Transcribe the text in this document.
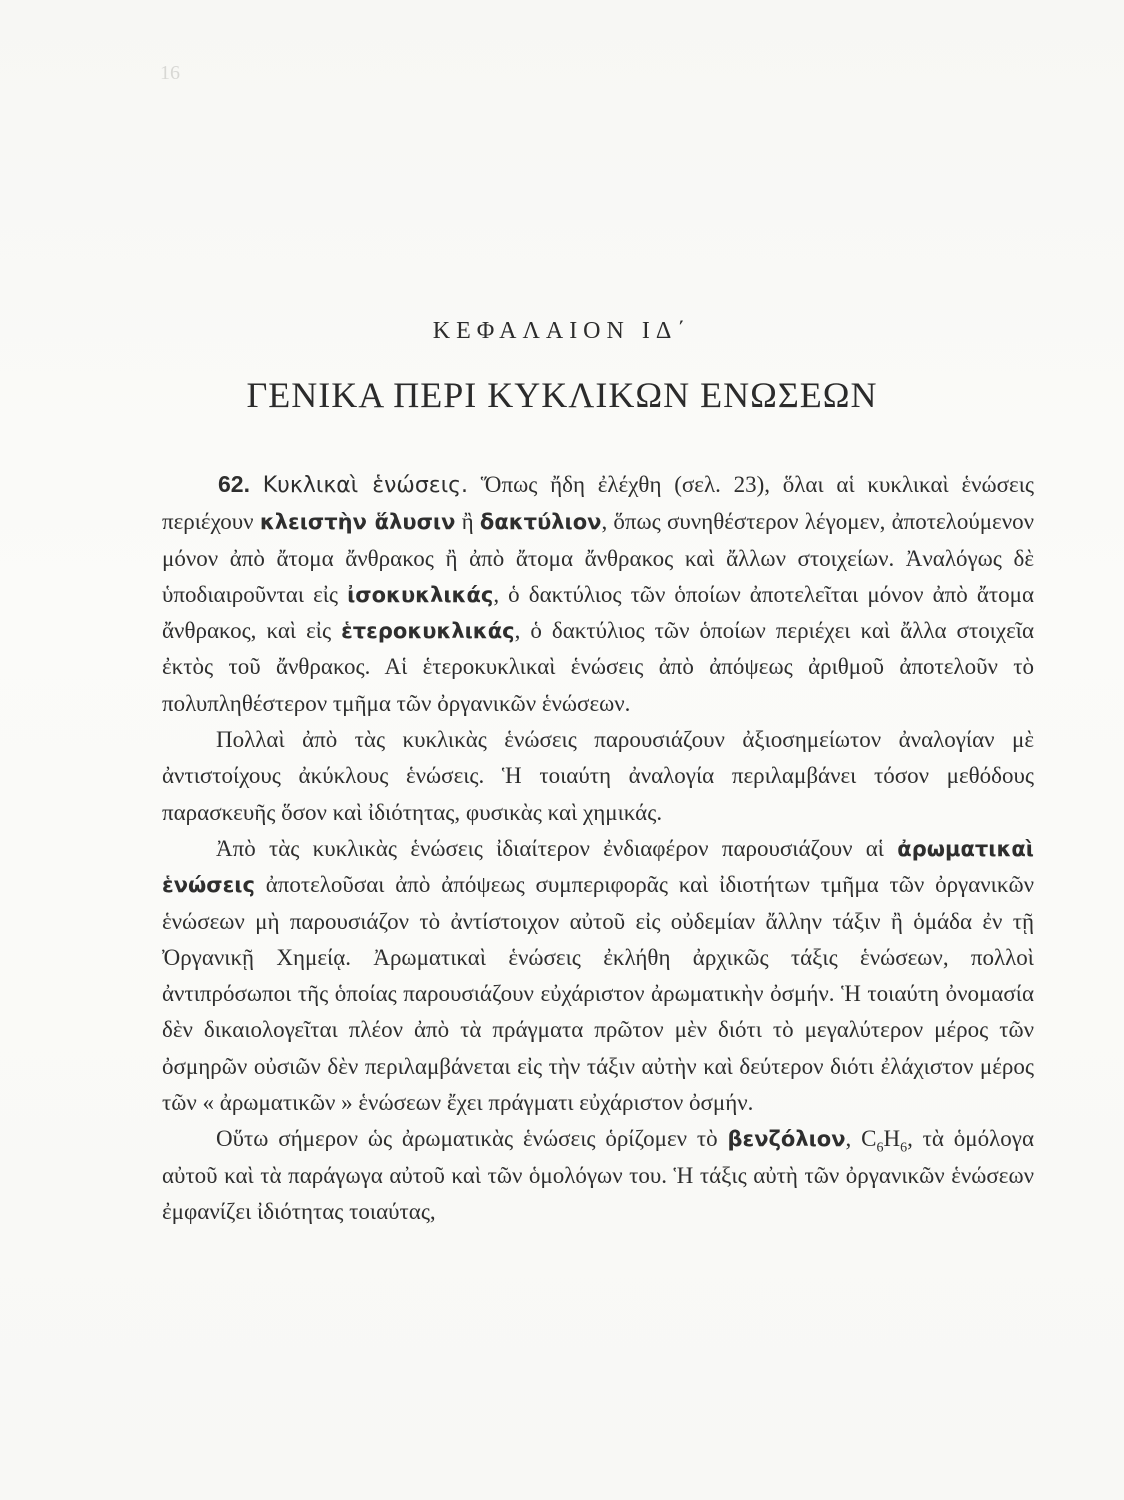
16
ΚΕΦΑΛΑΙΟΝ ΙΔ΄
ΓΕΝΙΚΑ ΠΕΡΙ ΚΥΚΛΙΚΩΝ ΕΝΩΣΕΩΝ

62. Κυκλικαὶ ἑνώσεις. Ὅπως ἤδη ἐλέχθη (σελ. 23), ὅλαι αἱ κυκλικαὶ ἑνώσεις περιέχουν κλειστὴν ἅλυσιν ἢ δακτύλιον, ὅπως συνηθέστερον λέγομεν, ἀποτελούμενον μόνον ἀπὸ ἄτομα ἄνθρακος ἢ ἀπὸ ἄτομα ἄνθρακος καὶ ἄλλων στοιχείων. Ἀναλόγως δὲ ὑποδιαιροῦνται εἰς ἰσοκυκλικάς, ὁ δακτύλιος τῶν ὁποίων ἀποτελεῖται μόνον ἀπὸ ἄτομα ἄνθρακος, καὶ εἰς ἑτεροκυκλικάς, ὁ δακτύλιος τῶν ὁποίων περιέχει καὶ ἄλλα στοιχεῖα ἐκτὸς τοῦ ἄνθρακος. Αἱ ἑτεροκυκλικαὶ ἑνώσεις ἀπὸ ἀπόψεως ἀριθμοῦ ἀποτελοῦν τὸ πολυπληθέστερον τμῆμα τῶν ὀργανικῶν ἑνώσεων.

Πολλαὶ ἀπὸ τὰς κυκλικὰς ἑνώσεις παρουσιάζουν ἀξιοσημείωτον ἀναλογίαν μὲ ἀντιστοίχους ἀκύκλους ἑνώσεις. Ἡ τοιαύτη ἀναλογία περιλαμβάνει τόσον μεθόδους παρασκευῆς ὅσον καὶ ἰδιότητας, φυσικὰς καὶ χημικάς.

Ἀπὸ τὰς κυκλικὰς ἑνώσεις ἰδιαίτερον ἐνδιαφέρον παρουσιάζουν αἱ ἀρωματικαὶ ἑνώσεις ἀποτελοῦσαι ἀπὸ ἀπόψεως συμπεριφορᾶς καὶ ἰδιοτήτων τμῆμα τῶν ὀργανικῶν ἑνώσεων μὴ παρουσιάζον τὸ ἀντίστοιχον αὐτοῦ εἰς οὐδεμίαν ἄλλην τάξιν ἢ ὁμάδα ἐν τῇ Ὀργανικῇ Χημείᾳ. Ἀρωματικαὶ ἑνώσεις ἐκλήθη ἀρχικῶς τάξις ἑνώσεων, πολλοὶ ἀντιπρόσωποι τῆς ὁποίας παρουσιάζουν εὐχάριστον ἀρωματικὴν ὀσμήν. Ἡ τοιαύτη ὀνομασία δὲν δικαιολογεῖται πλέον ἀπὸ τὰ πράγματα πρῶτον μὲν διότι τὸ μεγαλύτερον μέρος τῶν ὀσμηρῶν οὐσιῶν δὲν περιλαμβάνεται εἰς τὴν τάξιν αὐτὴν καὶ δεύτερον διότι ἐλάχιστον μέρος τῶν « ἀρωματικῶν » ἑνώσεων ἔχει πράγματι εὐχάριστον ὀσμήν.

Οὕτω σήμερον ὡς ἀρωματικὰς ἑνώσεις ὁρίζομεν τὸ βενζόλιον, $C_6H_6$, τὰ ὁμόλογα αὐτοῦ καὶ τὰ παράγωγα αὐτοῦ καὶ τῶν ὁμολόγων του. Ἡ τάξις αὐτὴ τῶν ὀργανικῶν ἑνώσεων ἐμφανίζει ἰδιότητας τοιαύτας,
